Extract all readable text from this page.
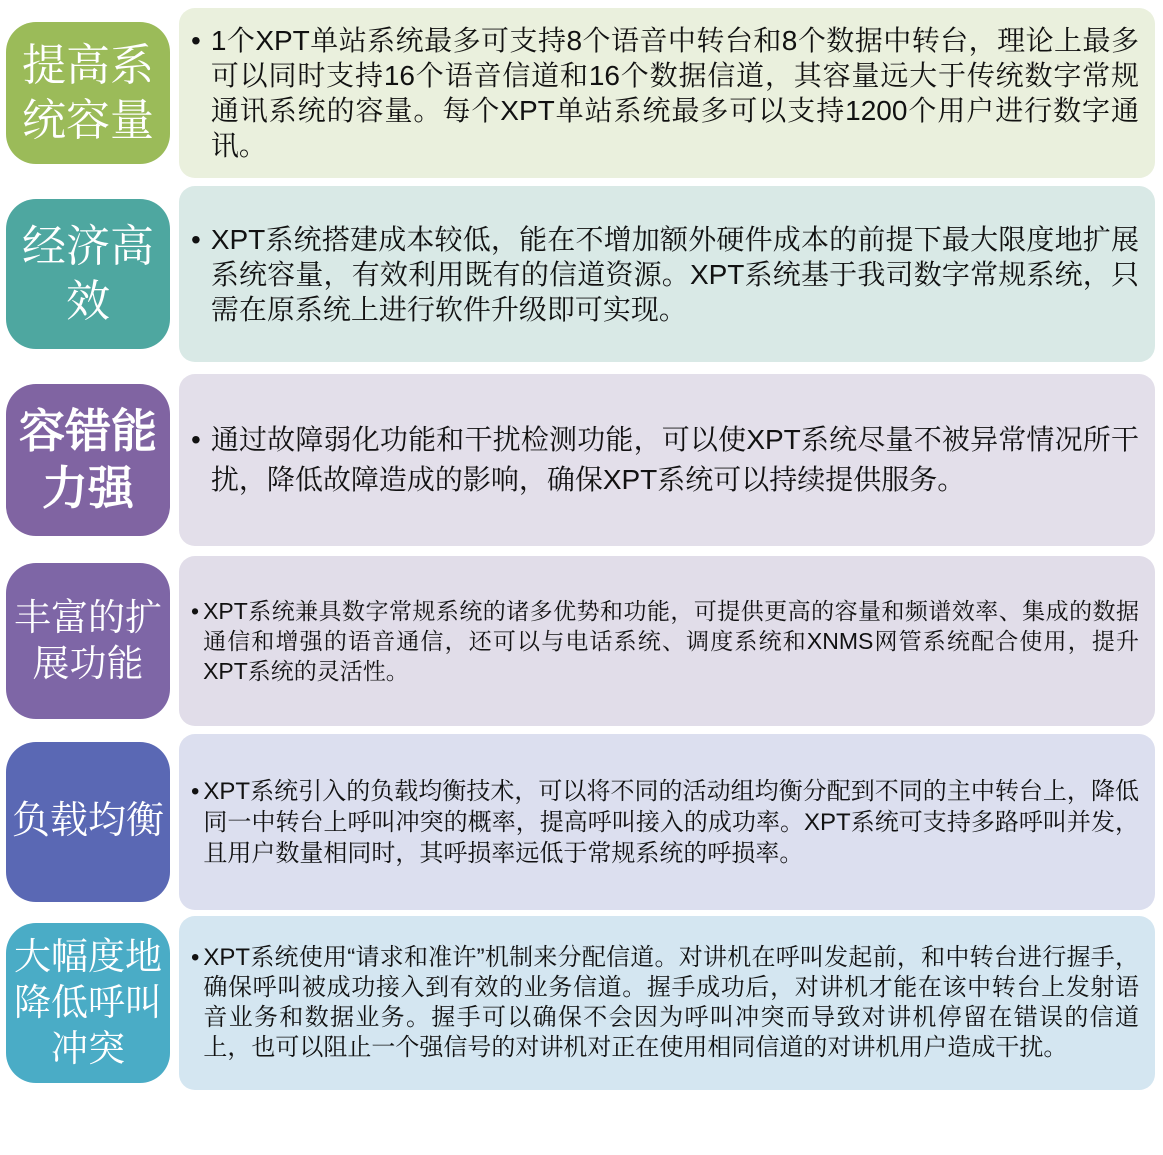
提高系统容量
• 1个XPT单站系统最多可支持8个语音中转台和8个数据中转台，理论上最多可以同时支持16个语音信道和16个数据信道，其容量远大于传统数字常规通讯系统的容量。每个XPT单站系统最多可以支持1200个用户进行数字通讯。

经济高效
• XPT系统搭建成本较低，能在不增加额外硬件成本的前提下最大限度地扩展系统容量，有效利用既有的信道资源。XPT系统基于我司数字常规系统，只需在原系统上进行软件升级即可实现。

容错能力强
• 通过故障弱化功能和干扰检测功能，可以使XPT系统尽量不被异常情况所干扰，降低故障造成的影响，确保XPT系统可以持续提供服务。

丰富的扩展功能
• XPT系统兼具数字常规系统的诸多优势和功能，可提供更高的容量和频谱效率、集成的数据通信和增强的语音通信，还可以与电话系统、调度系统和XNMS网管系统配合使用，提升XPT系统的灵活性。

负载均衡
• XPT系统引入的负载均衡技术，可以将不同的活动组均衡分配到不同的主中转台上，降低同一中转台上呼叫冲突的概率，提高呼叫接入的成功率。XPT系统可支持多路呼叫并发，且用户数量相同时，其呼损率远低于常规系统的呼损率。

大幅度地降低呼叫冲突
• XPT系统使用“请求和准许”机制来分配信道。对讲机在呼叫发起前，和中转台进行握手，确保呼叫被成功接入到有效的业务信道。握手成功后，对讲机才能在该中转台上发射语音业务和数据业务。握手可以确保不会因为呼叫冲突而导致对讲机停留在错误的信道上，也可以阻止一个强信号的对讲机对正在使用相同信道的对讲机用户造成干扰。
